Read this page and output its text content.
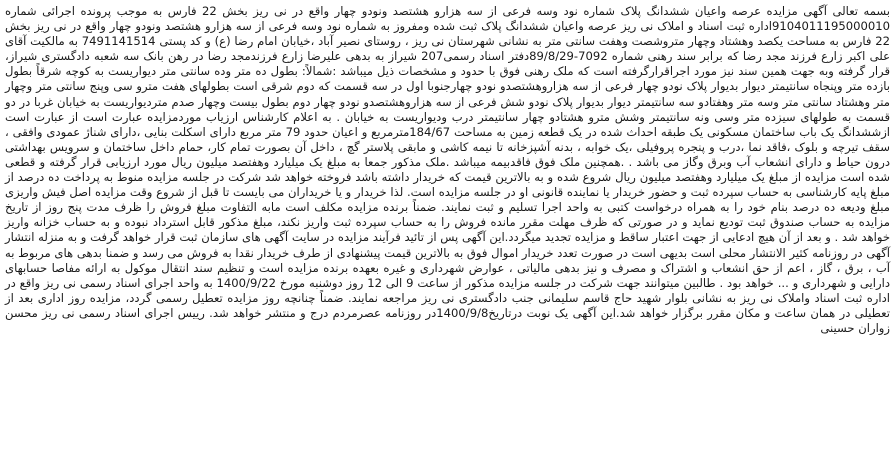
بسمه تعالی آگهی مزایده عرصه واعیان ششدانگ پلاک شماره نود وسه فرعی از سه هزارو هشتصد ونودو چهار واقع در نی ریز بخش 22 فارس به موجب پرونده اجرائی شماره 9104011195000010اداره ثبت اسناد و املاک نی ریز عرصه واعیان ششدانگ پلاک ثبت شده ومفروز به شماره نود وسه فرعی از سه هزارو هشتصد ونودو چهار واقع در نی ریز بخش 22 فارس به مساحت یکصد وهشتاد وچهار متروشصت وهفت سانتی متر به نشانی شهرستان نی ریز ، روستای نصیر آباد ،خیابان امام رضا (ع) و کد پستی 7491141514 به مالکیت آقای علی اکبر زارع فرزند مجد رضا که برابر سند رهنی شماره 7092-89/8/29دفتر اسناد رسمی207 شیراز به بدهی علیرضا زارع فرزندمجد رضا در رهن بانک سه شعبه دادگستری شیراز، قرار گرفته وبه جهت همین سند نیز مورد اجراقرارگرفته است که ملک رهنی فوق با حدود و مشخصات ذیل میباشد :شمالاً: بطول ده متر وده سانتی متر دیواریست به کوچه شرقاً بطول بازده متر وپنجاه سانتیمتر دیوار بدیوار پلاک نودو چهار فرعی از سه هزاروهشتصدو نودو چهارجنوبا اول در سه قسمت که دوم شرقی است بطولهای هفت مترو سی وپنج سانتی متر وچهار متر وهشتاد سانتی متر وسه متر وهفتادو سه سانتیمتر دیوار بدیوار پلاک نودو شش فرعی از سه هزاروهشتصدو نودو چهار دوم بطول بیست وچهار صدم متردیواریست به خیابان غربا در دو قسمت به طولهای سیزده متر وسی ونه سانتیمتر وشش مترو هشتادو چهار سانتیمتر درب ودیواریست به خیابان . به اعلام کارشناس ارزیاب موردمزایده عبارت است از عبارت است ازششدانگ یک باب ساختمان مسکونی یک طبقه احداث شده در یک قطعه زمین به مساحت 184/67مترمربع و اعیان حدود 79 متر مربع دارای اسکلت بنایی ،دارای شناژ عمودی وافقی ، سقف تیرچه و بلوک ،فاقد نما ،درب و پنجره پروفیلی ،یک خوابه ، بدنه آشپزخانه تا نیمه کاشی و مابقی پلاستر گچ ، داخل آن بصورت تمام کار، حمام داخل ساختمان و سرویس بهداشتی درون حیاط و دارای انشعاب آب وبرق وگاز می باشد . .همچنین ملک فوق فاقدبیمه میباشد .ملک مذکور جمعا به مبلغ یک میلیارد وهفتصد میلیون ریال مورد ارزیابی قرار گرفته و قطعی شده است مزایده از مبلغ یک میلیارد وهفتصد میلیون ریال شروع شده و به بالاترین قیمت که خریدار داشته باشد فروخته خواهد شد شرکت در جلسه مزایده منوط به پرداخت ده درصد از مبلغ پایه کارشناسی به حساب سپرده ثبت و حضور خریدار یا نماینده قانونی او در جلسه مزایده است. لذا خریدار و یا خریداران می بایست تا قبل از شروع وقت مزایده اصل فیش واریزی مبلغ ودیعه ده درصد بنام خود را به همراه درخواست کتبی به واحد اجرا تسلیم و ثبت نمایند. ضمناً برنده مزایده مکلف است مابه التفاوت مبلغ فروش را ظرف مدت پنج روز از تاریخ مزایده به حساب صندوق ثبت تودیع نماید و در صورتی که ظرف مهلت مقرر مانده فروش را به حساب سپرده ثبت واریز نکند، مبلغ مذکور قابل استرداد نبوده و به حساب خزانه واریز خواهد شد . و بعد از آن هیچ ادعایی از جهت اعتبار ساقط و مزایده تجدید میگردد.این آگهی پس از تائید فرآیند مزایده در سایت آگهی های سازمان ثبت قرار خواهد گرفت و به منزله انتشار آگهی در روزنامه کثیر الانتشار محلی است بدیهی است در صورت تعدد خریدار اموال فوق به بالاترین قیمت پیشنهادی از طرف خریدار نقدا به فروش می رسد و ضمنا بدهی های مربوط به آب ، برق ، گاز ، اعم از حق انشعاب و اشتراک و مصرف و نیز بدهی مالیاتی ، عوارض شهرداری و غیره بعهده برنده مزایده است و تنظیم سند انتقال موکول به ارائه مفاصا حسابهای دارایی و شهرداری و ... خواهد بود . طالبین میتوانند جهت شرکت در جلسه مزایده مذکور از ساعت 9 الی 12 روز دوشنبه مورخ 1400/9/22 به واحد اجرای اسناد رسمی نی ریز واقع در اداره ثبت اسناد واملاک نی ریز به نشانی بلوار شهید حاج قاسم سلیمانی جنب دادگستری نی ریز مراجعه نمایند. ضمناً چنانچه روز مزایده تعطیل رسمی گردد، مزایده روز اداری بعد از تعطیلی در همان ساعت و مکان مقرر برگزار خواهد شد.این آگهی یک نوبت درتاریخ1400/9/8در روزنامه عصرمردم درج و منتشر خواهد شد. رییس اجرای اسناد رسمی نی ریز محسن زواران حسینی
